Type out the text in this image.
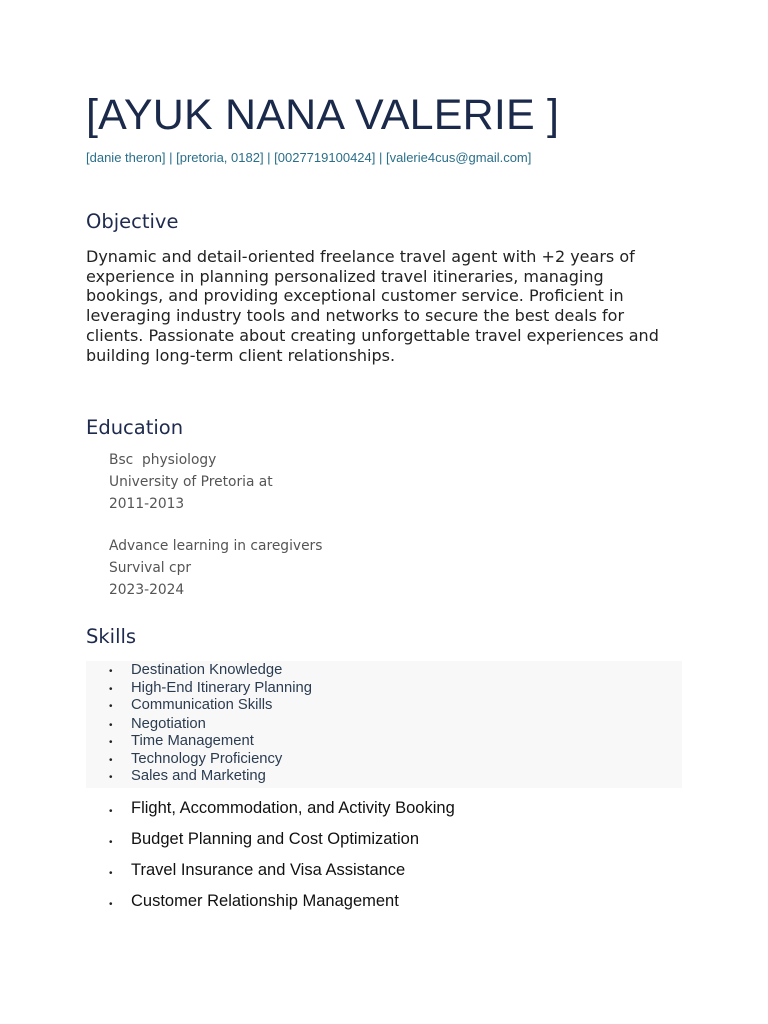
[AYUK NANA VALERIE ]
[danie theron] | [pretoria, 0182] | [0027719100424] | [valerie4cus@gmail.com]
Objective
Dynamic and detail-oriented freelance travel agent with +2 years of
experience in planning personalized travel itineraries, managing
bookings, and providing exceptional customer service. Proficient in
leveraging industry tools and networks to secure the best deals for
clients. Passionate about creating unforgettable travel experiences and
building long-term client relationships.
Education
Bsc  physiology
University of Pretoria at
2011-2013
Advance learning in caregivers
Survival cpr
2023-2024
Skills
• Destination Knowledge
• High-End Itinerary Planning
• Communication Skills
• Negotiation
• Time Management
• Technology Proficiency
• Sales and Marketing
• Flight, Accommodation, and Activity Booking
• Budget Planning and Cost Optimization
• Travel Insurance and Visa Assistance
• Customer Relationship Management
